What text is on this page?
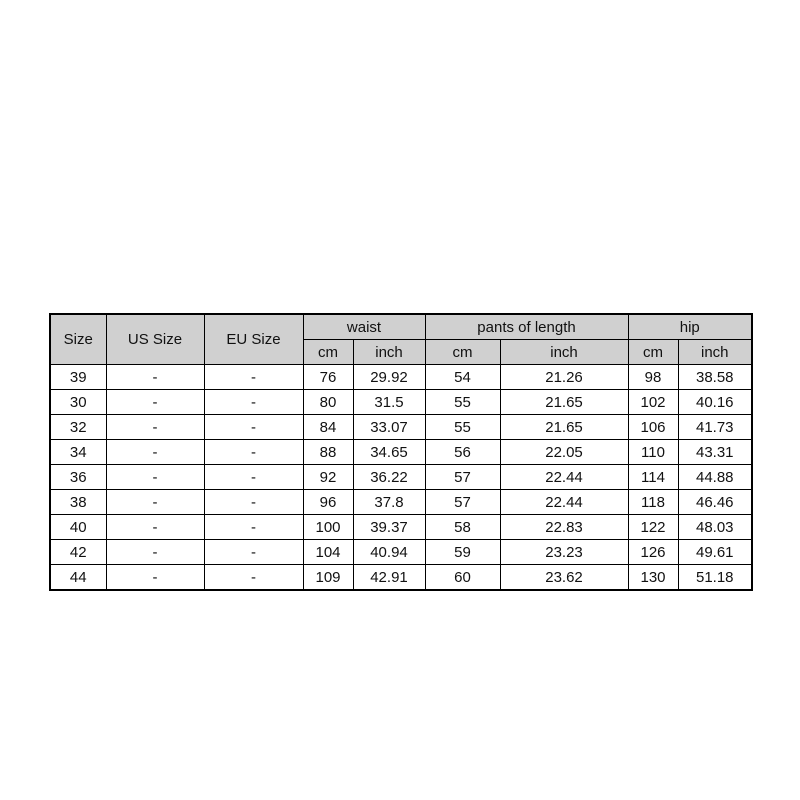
Size	US Size	EU Size	waist		pants of length		hip	
			cm	inch	cm	inch	cm	inch
39	-	-	76	29.92	54	21.26	98	38.58
30	-	-	80	31.5	55	21.65	102	40.16
32	-	-	84	33.07	55	21.65	106	41.73
34	-	-	88	34.65	56	22.05	110	43.31
36	-	-	92	36.22	57	22.44	114	44.88
38	-	-	96	37.8	57	22.44	118	46.46
40	-	-	100	39.37	58	22.83	122	48.03
42	-	-	104	40.94	59	23.23	126	49.61
44	-	-	109	42.91	60	23.62	130	51.18
